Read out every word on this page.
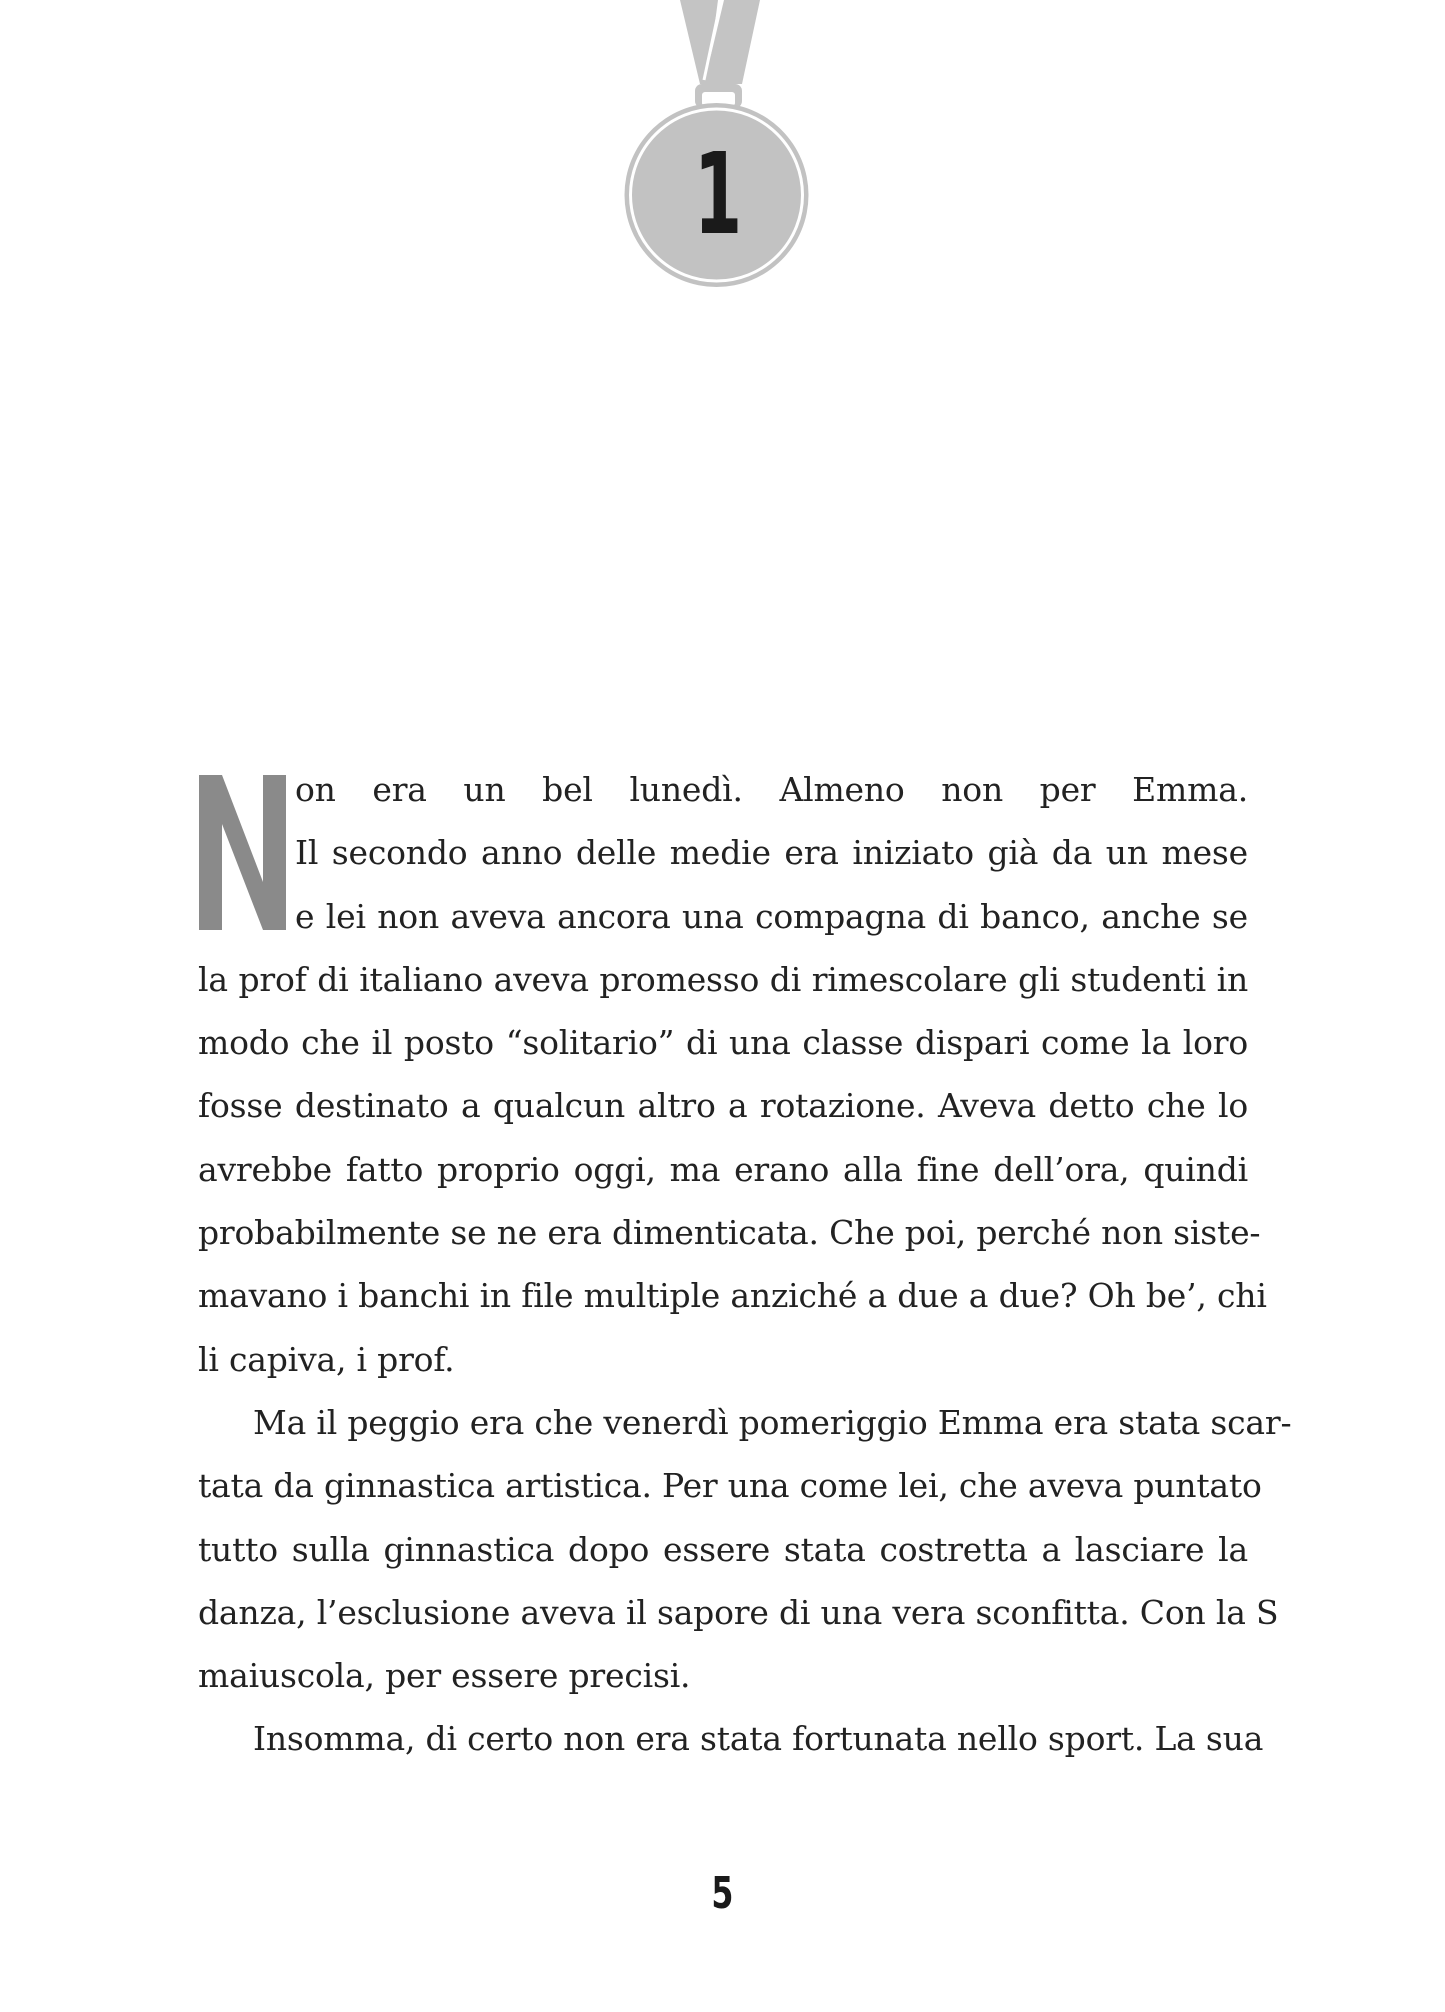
1
N
on era un bel lunedì. Almeno non per Emma.
Il secondo anno delle medie era iniziato già da un mese
e lei non aveva ancora una compagna di banco, anche se
la prof di italiano aveva promesso di rimescolare gli studenti in
modo che il posto “solitario” di una classe dispari come la loro
fosse destinato a qualcun altro a rotazione. Aveva detto che lo
avrebbe fatto proprio oggi, ma erano alla fine dell’ora, quindi
probabilmente se ne era dimenticata. Che poi, perché non siste-
mavano i banchi in file multiple anziché a due a due? Oh be’, chi
li capiva, i prof.
Ma il peggio era che venerdì pomeriggio Emma era stata scar-
tata da ginnastica artistica. Per una come lei, che aveva puntato
tutto sulla ginnastica dopo essere stata costretta a lasciare la
danza, l’esclusione aveva il sapore di una vera sconfitta. Con la S
maiuscola, per essere precisi.
Insomma, di certo non era stata fortunata nello sport. La sua
5
